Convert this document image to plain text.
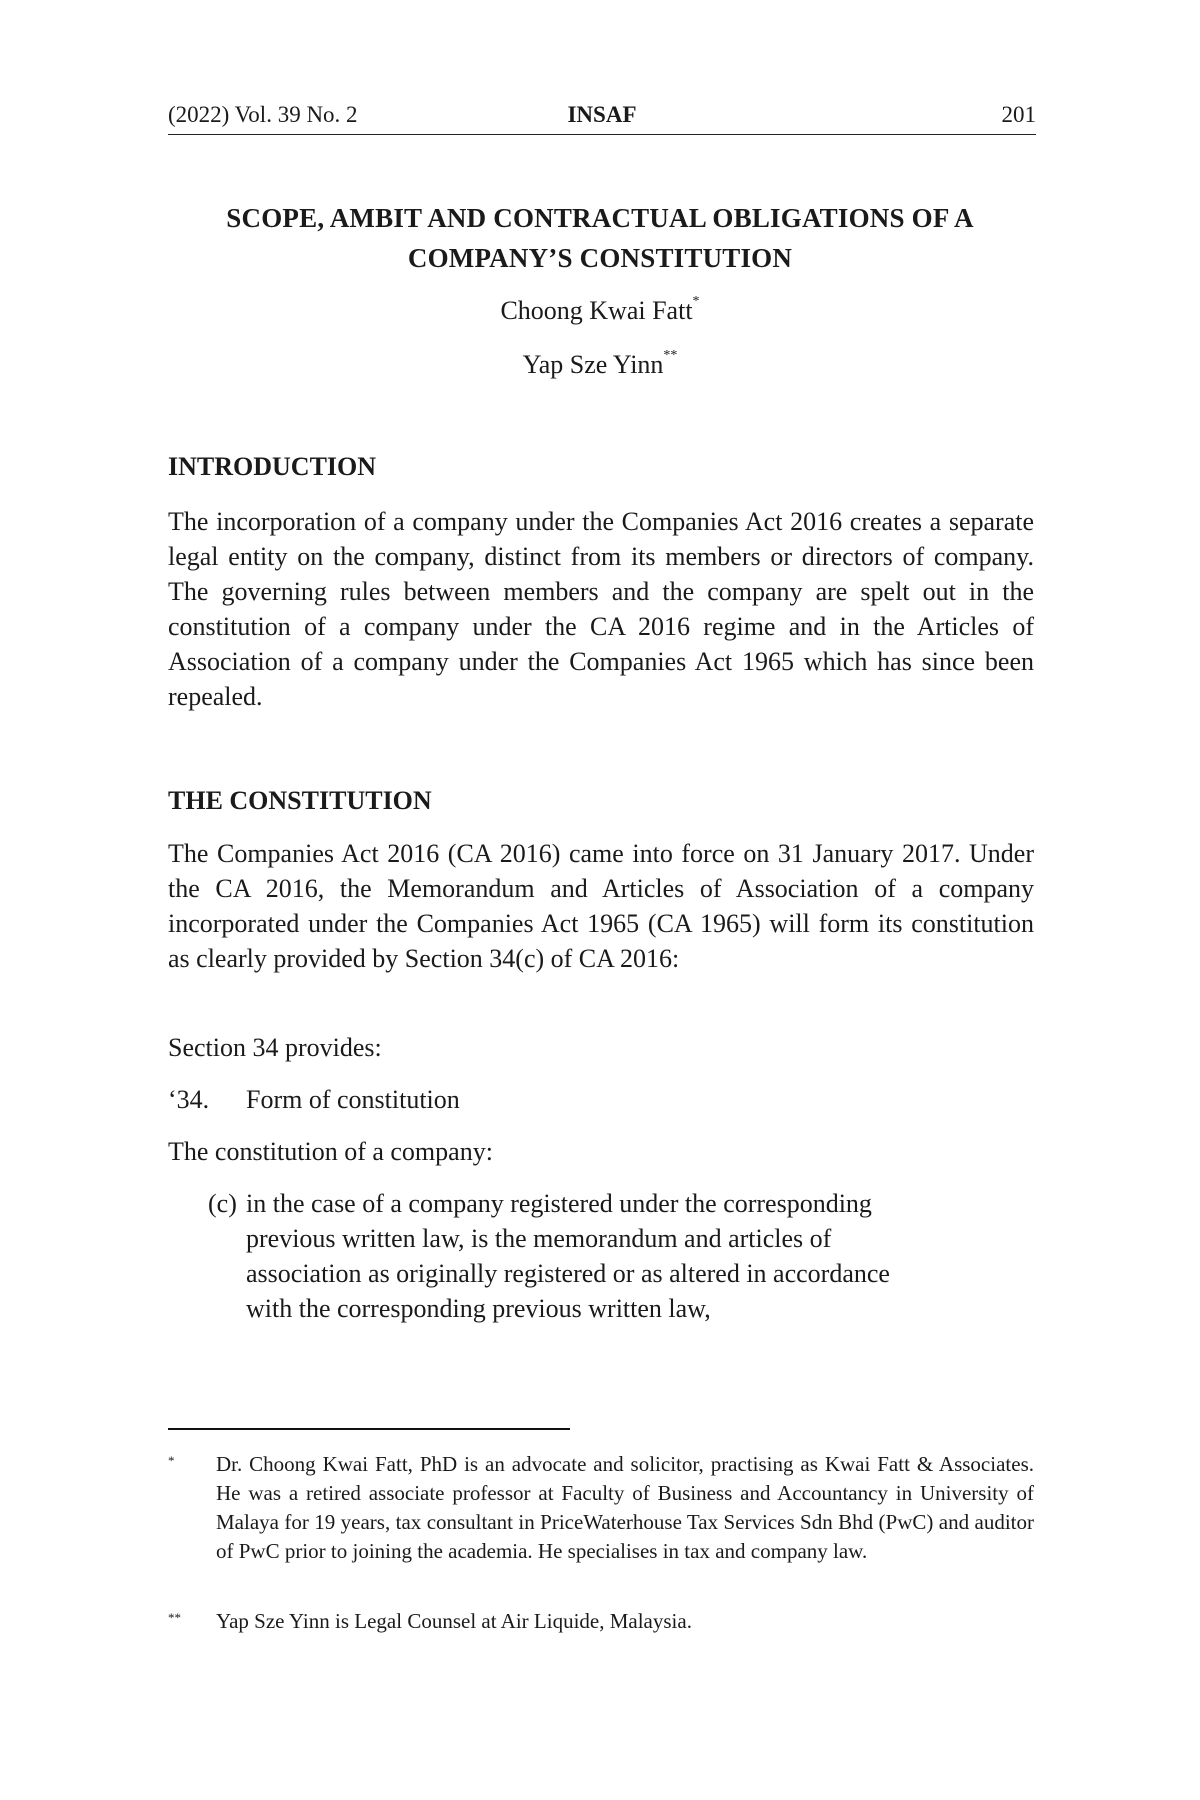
(2022) Vol. 39 No. 2	INSAF	201
SCOPE, AMBIT AND CONTRACTUAL OBLIGATIONS OF A
COMPANY’S CONSTITUTION
Choong Kwai Fatt*
Yap Sze Yinn**
INTRODUCTION

The incorporation of a company under the Companies Act 2016 creates a separate legal entity on the company, distinct from its members or directors of company. The governing rules between members and the company are spelt out in the constitution of a company under the CA 2016 regime and in the Articles of Association of a company under the Companies Act 1965 which has since been repealed.

THE CONSTITUTION

The Companies Act 2016 (CA 2016) came into force on 31 January 2017. Under the CA 2016, the Memorandum and Articles of Association of a company incorporated under the Companies Act 1965 (CA 1965) will form its constitution as clearly provided by Section 34(c) of CA 2016:

Section 34 provides:

‘34. Form of constitution

The constitution of a company:

(c) in the case of a company registered under the corresponding
previous written law, is the memorandum and articles of
association as originally registered or as altered in accordance
with the corresponding previous written law,
* Dr. Choong Kwai Fatt, PhD is an advocate and solicitor, practising as Kwai Fatt & Associates. He was a retired associate professor at Faculty of Business and Accountancy in University of Malaya for 19 years, tax consultant in PriceWaterhouse Tax Services Sdn Bhd (PwC) and auditor of PwC prior to joining the academia. He specialises in tax and company law.
** Yap Sze Yinn is Legal Counsel at Air Liquide, Malaysia.
